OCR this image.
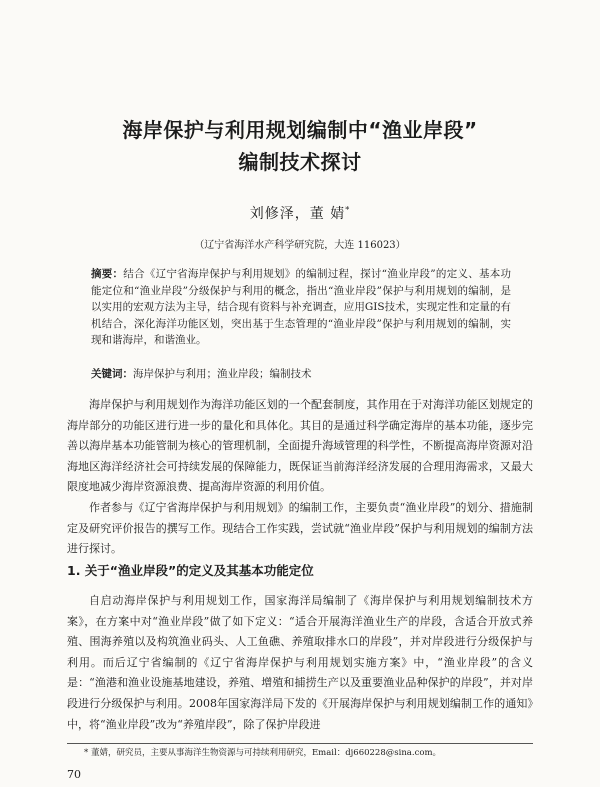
海岸保护与利用规划编制中“渔业岸段”
编制技术探讨
刘修泽，董 婧*
（辽宁省海洋水产科学研究院，大连 116023）

摘要：结合《辽宁省海岸保护与利用规划》的编制过程，探讨“渔业岸段”的定义、基本功能定位和“渔业岸段”分级保护与利用的概念，指出“渔业岸段”保护与利用规划的编制，是以实用的宏观方法为主导，结合现有资料与补充调查，应用GIS技术，实现定性和定量的有机结合，深化海洋功能区划，突出基于生态管理的“渔业岸段”保护与利用规划的编制，实现和谐海岸，和谐渔业。

关键词：海岸保护与利用；渔业岸段；编制技术

海岸保护与利用规划作为海洋功能区划的一个配套制度，其作用在于对海洋功能区划规定的海岸部分的功能区进行进一步的量化和具体化。其目的是通过科学确定海岸的基本功能，逐步完善以海岸基本功能管制为核心的管理机制，全面提升海域管理的科学性，不断提高海岸资源对沿海地区海洋经济社会可持续发展的保障能力，既保证当前海洋经济发展的合理用海需求，又最大限度地减少海岸资源浪费、提高海岸资源的利用价值。

作者参与《辽宁省海岸保护与利用规划》的编制工作，主要负责“渔业岸段”的划分、措施制定及研究评价报告的撰写工作。现结合工作实践，尝试就“渔业岸段”保护与利用规划的编制方法进行探讨。

1. 关于“渔业岸段”的定义及其基本功能定位

自启动海岸保护与利用规划工作，国家海洋局编制了《海岸保护与利用规划编制技术方案》，在方案中对“渔业岸段”做了如下定义：“适合开展海洋渔业生产的岸段，含适合开放式养殖、围海养殖以及构筑渔业码头、人工鱼礁、养殖取排水口的岸段”，并对岸段进行分级保护与利用。而后辽宁省编制的《辽宁省海岸保护与利用规划实施方案》中，“渔业岸段”的含义是：“渔港和渔业设施基地建设，养殖、增殖和捕捞生产以及重要渔业品种保护的岸段”，并对岸段进行分级保护与利用。2008年国家海洋局下发的《开展海岸保护与利用规划编制工作的通知》中，将“渔业岸段”改为“养殖岸段”，除了保护岸段进

* 董婧，研究员，主要从事海洋生物资源与可持续利用研究，Email：dj660228@sina.com。

70
